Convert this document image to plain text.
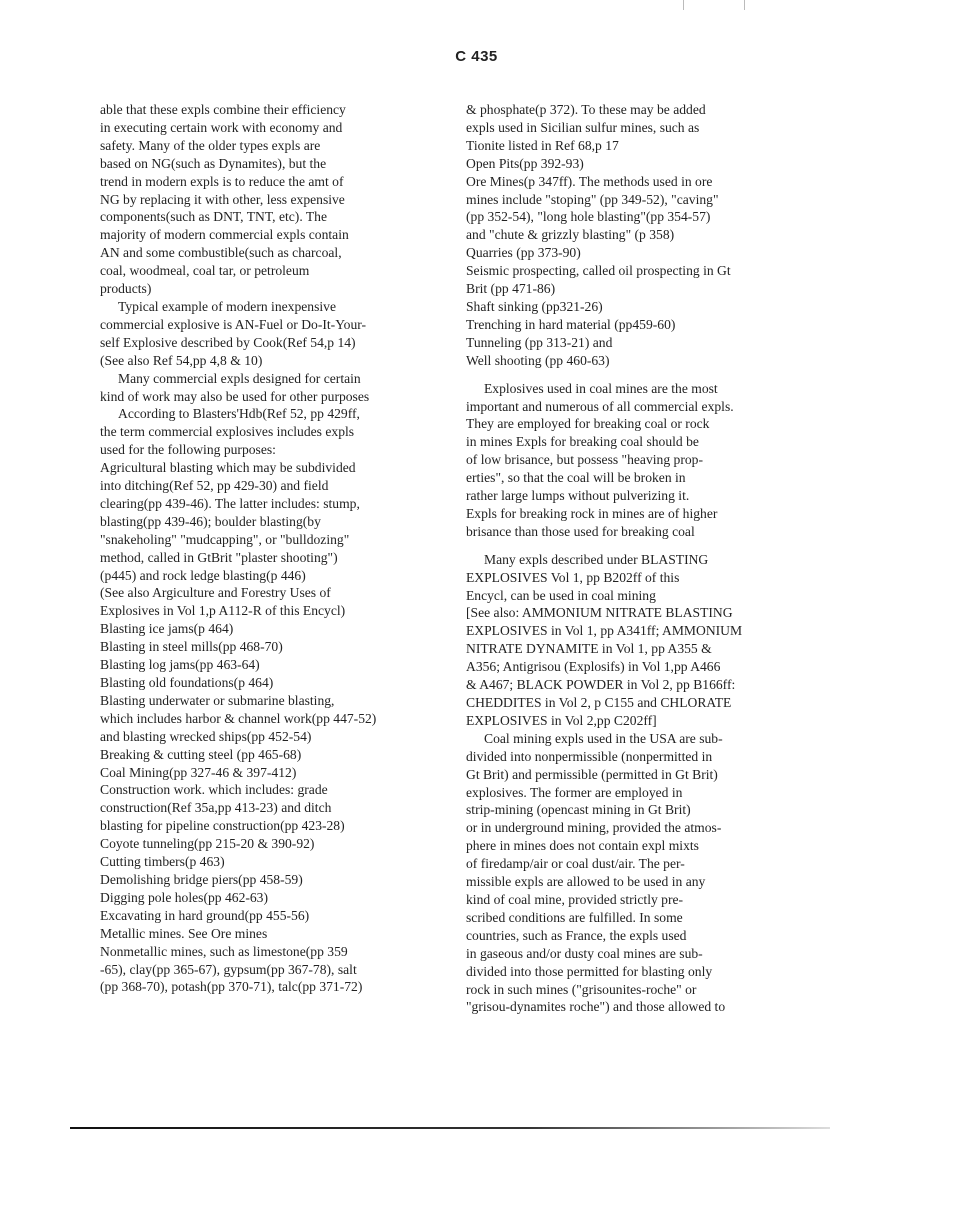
C 435
able that these expls combine their efficiency
in executing certain work with economy and
safety. Many of the older types expls are
based on NG(such as Dynamites), but the
trend in modern expls is to reduce the amt of
NG by replacing it with other, less expensive
components(such as DNT, TNT, etc). The
majority of modern commercial expls contain
AN and some combustible(such as charcoal,
coal, woodmeal, coal tar, or petroleum
products)
Typical example of modern inexpensive
commercial explosive is AN-Fuel or Do-It-Your-
self Explosive described by Cook(Ref 54,p 14)
(See also Ref 54,pp 4,8 & 10)
Many commercial expls designed for certain
kind of work may also be used for other purposes
According to Blasters'Hdb(Ref 52, pp 429ff,
the term commercial explosives includes expls
used for the following purposes:
Agricultural blasting which may be subdivided
into ditching(Ref 52, pp 429-30) and field
clearing(pp 439-46). The latter includes: stump,
blasting(pp 439-46); boulder blasting(by
"snakeholing" "mudcapping", or "bulldozing"
method, called in GtBrit "plaster shooting")
(p445) and rock ledge blasting(p 446)
(See also Argiculture and Forestry Uses of
Explosives in Vol 1,p A112-R of this Encycl)
Blasting ice jams(p 464)
Blasting in steel mills(pp 468-70)
Blasting log jams(pp 463-64)
Blasting old foundations(p 464)
Blasting underwater or submarine blasting,
which includes harbor & channel work(pp 447-52)
and blasting wrecked ships(pp 452-54)
Breaking & cutting steel (pp 465-68)
Coal Mining(pp 327-46 & 397-412)
Construction work. which includes: grade
construction(Ref 35a,pp 413-23) and ditch
blasting for pipeline construction(pp 423-28)
Coyote tunneling(pp 215-20 & 390-92)
Cutting timbers(p 463)
Demolishing bridge piers(pp 458-59)
Digging pole holes(pp 462-63)
Excavating in hard ground(pp 455-56)
Metallic mines. See Ore mines
Nonmetallic mines, such as limestone(pp 359
-65), clay(pp 365-67), gypsum(pp 367-78), salt
(pp 368-70), potash(pp 370-71), talc(pp 371-72)
& phosphate(p 372). To these may be added
expls used in Sicilian sulfur mines, such as
Tionite listed in Ref 68,p 17
Open Pits(pp 392-93)
Ore Mines(p 347ff). The methods used in ore
mines include "stoping" (pp 349-52), "caving"
(pp 352-54), "long hole blasting"(pp 354-57)
and "chute & grizzly blasting" (p 358)
Quarries (pp 373-90)
Seismic prospecting, called oil prospecting in Gt
Brit (pp 471-86)
Shaft sinking (pp321-26)
Trenching in hard material (pp459-60)
Tunneling (pp 313-21) and
Well shooting (pp 460-63)
Explosives used in coal mines are the most
important and numerous of all commercial expls.
They are employed for breaking coal or rock
in mines Expls for breaking coal should be
of low brisance, but possess "heaving prop-
erties", so that the coal will be broken in
rather large lumps without pulverizing it.
Expls for breaking rock in mines are of higher
brisance than those used for breaking coal
Many expls described under BLASTING
EXPLOSIVES Vol 1, pp B202ff of this
Encycl, can be used in coal mining
[See also: AMMONIUM NITRATE BLASTING
EXPLOSIVES in Vol 1, pp A341ff; AMMONIUM
NITRATE DYNAMITE in Vol 1, pp A355 &
A356; Antigrisou (Explosifs) in Vol 1,pp A466
& A467; BLACK POWDER in Vol 2, pp B166ff:
CHEDDITES in Vol 2, p C155 and CHLORATE
EXPLOSIVES in Vol 2,pp C202ff]
Coal mining expls used in the USA are sub-
divided into nonpermissible (nonpermitted in
Gt Brit) and permissible (permitted in Gt Brit)
explosives. The former are employed in
strip-mining (opencast mining in Gt Brit)
or in underground mining, provided the atmos-
phere in mines does not contain expl mixts
of firedamp/air or coal dust/air. The per-
missible expls are allowed to be used in any
kind of coal mine, provided strictly pre-
scribed conditions are fulfilled. In some
countries, such as France, the expls used
in gaseous and/or dusty coal mines are sub-
divided into those permitted for blasting only
rock in such mines ("grisounites-roche" or
"grisou-dynamites roche") and those allowed to
